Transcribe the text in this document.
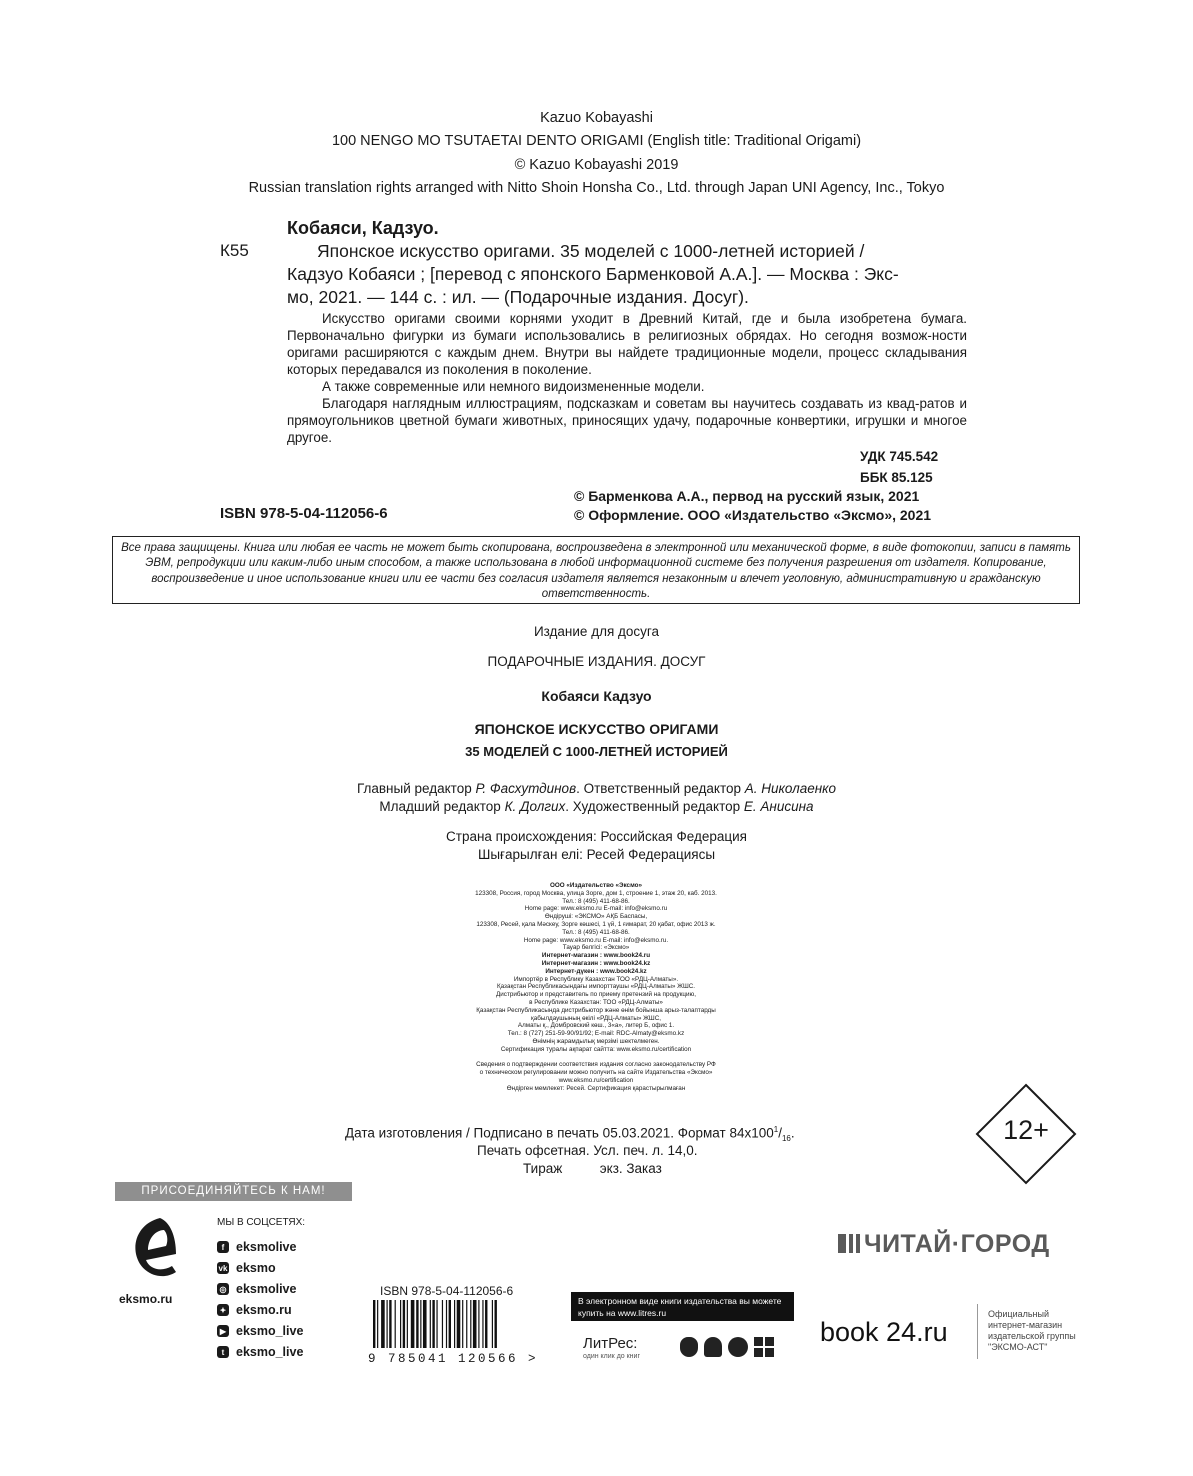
Kazuo Kobayashi
100 NENGO MO TSUTAETAI DENTO ORIGAMI (English title: Traditional Origami)
© Kazuo Kobayashi 2019
Russian translation rights arranged with Nitto Shoin Honsha Co., Ltd. through Japan UNI Agency, Inc., Tokyo
Кобаяси, Кадзуо.
К55	Японское искусство оригами. 35 моделей с 1000-летней историей /
Кадзуо Кобаяси ; [перевод с японского Барменковой А.А.]. — Москва : Экс-
мо, 2021. — 144 с. : ил. — (Подарочные издания. Досуг).

Искусство оригами своими корнями уходит в Древний Китай, где и была изобретена бумага. Первоначально фигурки из бумаги использовались в религиозных обрядах. Но сегодня возмож-ности оригами расширяются с каждым днем. Внутри вы найдете традиционные модели, процесс складывания которых передавался из поколения в поколение.

А также современные или немного видоизмененные модели.

Благодаря наглядным иллюстрациям, подсказкам и советам вы научитесь создавать из квад-ратов и прямоугольников цветной бумаги животных, приносящих удачу, подарочные конвертики, игрушки и многое другое.

УДК 745.542
ББК 85.125
© Барменкова А.А., первод на русский язык, 2021
ISBN 978-5-04-112056-6	© Оформление. ООО «Издательство «Эксмо», 2021
Все права защищены. Книга или любая ее часть не может быть скопирована, воспроизведена в электронной или механической форме, в виде фотокопии, записи в память ЭВМ, репродукции или каким-либо иным способом, а также использована в любой информационной системе без получения разрешения от издателя. Копирование, воспроизведение и иное использование книги или ее части без согласия издателя является незаконным и влечет уголовную, административную и гражданскую ответственность.
Издание для досуга
ПОДАРОЧНЫЕ ИЗДАНИЯ. ДОСУГ
Кобаяси Кадзуо
ЯПОНСКОЕ ИСКУССТВО ОРИГАМИ
35 МОДЕЛЕЙ С 1000-ЛЕТНЕЙ ИСТОРИЕЙ
Главный редактор Р. Фасхутдинов. Ответственный редактор А. Николаенко
Младший редактор К. Долгих. Художественный редактор Е. Анисина
Страна происхождения: Российская Федерация
Шығарылған елі: Ресей Федерациясы
ООО «Издательство «Эксмо»
123308, Россия, город Москва, улица Зорге, дом 1, строение 1, этаж 20, каб. 2013.
Тел.: 8 (495) 411-68-86.
Home page: www.eksmo.ru E-mail: info@eksmo.ru
Өндіруші: «ЭКСМО» АҚБ Баспасы,
123308, Ресей, қала Мәскеу, Зорге көшесі, 1 үй, 1 ғимарат, 20 қабат, офис 2013 ж.
Тел.: 8 (495) 411-68-86.
Home page: www.eksmo.ru E-mail: info@eksmo.ru.
Тауар белгісі: «Эксмо»
Интернет-магазин : www.book24.ru
Интернет-магазин : www.book24.kz
Интернет-дүкен : www.book24.kz
Импортёр в Республику Казахстан ТОО «РДЦ-Алматы».
Қазақстан Республикасындағы импорттаушы «РДЦ-Алматы» ЖШС.
Дистрибьютор и представитель по приему претензий на продукцию,
в Республике Казахстан: ТОО «РДЦ-Алматы»
Қазақстан Республикасында дистрибьютор және өнім бойынша арыз-талаптарды
қабылдаушының өкілі «РДЦ-Алматы» ЖШС,
Алматы қ., Домбровский көш., 3«а», литер Б, офис 1.
Тел.: 8 (727) 251-59-90/91/92; E-mail: RDC-Almaty@eksmo.kz
Өнімнің жарамдылық мерзімі шектелмеген.
Сертификация туралы ақпарат сайтта: www.eksmo.ru/certification

Сведения о подтверждении соответствия издания согласно законодательству РФ
о техническом регулировании можно получить на сайте Издательства «Эксмо»
www.eksmo.ru/certification
Өндірген мемлекет: Ресей. Сертификация қарастырылмаған
Дата изготовления / Подписано в печать 05.03.2021. Формат $84x100^1/_{16}$.
Печать офсетная. Усл. печ. л. 14,0.
Тираж          экз. Заказ
12+
ПРИСОЕДИНЯЙТЕСЬ К НАМ!
eksmo.ru
МЫ В СОЦСЕТЯХ:
f eksmolive
vk eksmo
◎ eksmolive
✦ eksmo.ru
▶ eksmo_live
t eksmo_live
ISBN 978-5-04-112056-6
9 785041 120566 >
В электронном виде книги издательства вы можете
купить на www.litres.ru
ЛитРес:
один клик до книг
ЧИТАЙ·ГОРОД
book 24.ru
Официальный
интернет-магазин
издательской группы
"ЭКСМО-АСТ"
